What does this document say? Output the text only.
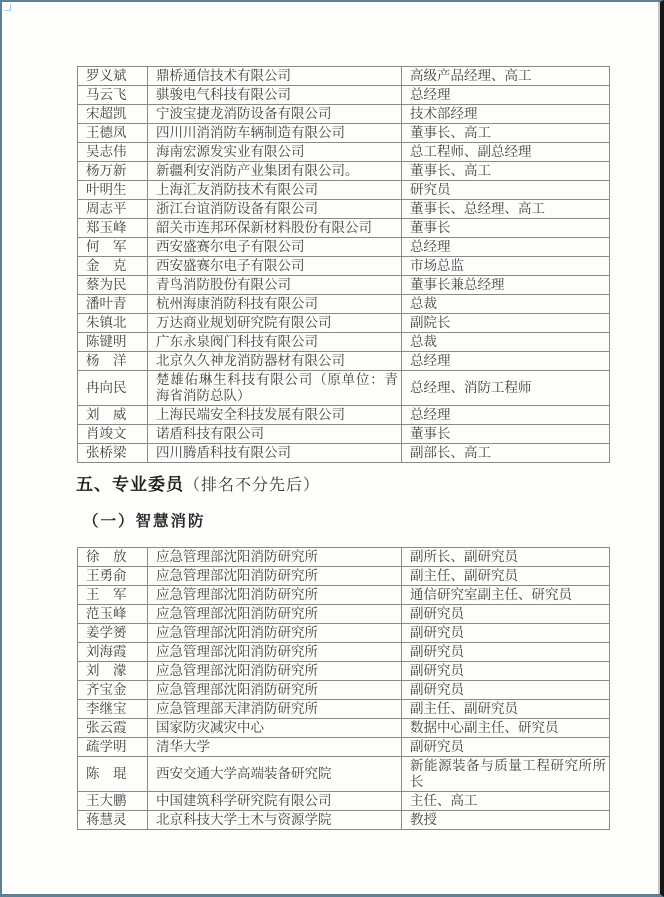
罗义斌	鼎桥通信技术有限公司	高级产品经理、高工
马云飞	骐骏电气科技有限公司	总经理
宋超凯	宁波宝捷龙消防设备有限公司	技术部经理
王德凤	四川川消消防车辆制造有限公司	董事长、高工
吴志伟	海南宏源发实业有限公司	总工程师、副总经理
杨万新	新疆利安消防产业集团有限公司。	董事长、高工
叶明生	上海汇友消防技术有限公司	研究员
周志平	浙江台谊消防设备有限公司	董事长、总经理、高工
郑玉峰	韶关市连邦环保新材料股份有限公司	董事长
何　军	西安盛赛尔电子有限公司	总经理
金　克	西安盛赛尔电子有限公司	市场总监
蔡为民	青鸟消防股份有限公司	董事长兼总经理
潘叶青	杭州海康消防科技有限公司	总裁
朱镇北	万达商业规划研究院有限公司	副院长
陈键明	广东永泉阀门科技有限公司	总裁
杨　洋	北京久久神龙消防器材有限公司	总经理
冉向民	楚雄佑琳生科技有限公司（原单位：青海省消防总队）	总经理、消防工程师
刘　威	上海民端安全科技发展有限公司	总经理
肖竣文	诺盾科技有限公司	董事长
张桥梁	四川腾盾科技有限公司	副部长、高工
五、专业委员（排名不分先后）
（一）智慧消防
徐　放	应急管理部沈阳消防研究所	副所长、副研究员
王勇俞	应急管理部沈阳消防研究所	副主任、副研究员
王　军	应急管理部沈阳消防研究所	通信研究室副主任、研究员
范玉峰	应急管理部沈阳消防研究所	副研究员
姜学赟	应急管理部沈阳消防研究所	副研究员
刘海霞	应急管理部沈阳消防研究所	副研究员
刘　濛	应急管理部沈阳消防研究所	副研究员
齐宝金	应急管理部沈阳消防研究所	副研究员
李继宝	应急管理部天津消防研究所	副主任、副研究员
张云霞	国家防灾减灾中心	数据中心副主任、研究员
疏学明	清华大学	副研究员
陈　琨	西安交通大学高端装备研究院	新能源装备与质量工程研究所所长
王大鹏	中国建筑科学研究院有限公司	主任、高工
蒋慧灵	北京科技大学土木与资源学院	教授
